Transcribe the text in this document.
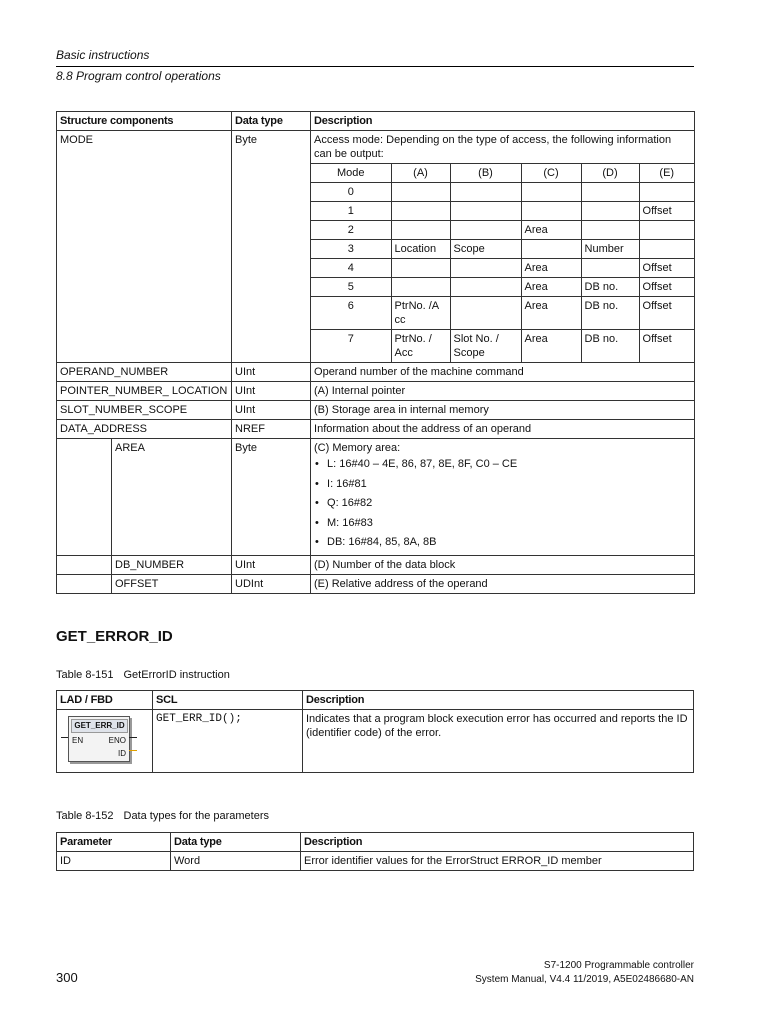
Basic instructions
8.8 Program control operations
Structure components	Data type	Description
MODE	Byte	Access mode: Depending on the type of access, the following information can be output:
Mode	(A)	(B)	(C)	(D)	(E)
0					
1					Offset
2			Area		
3	Location	Scope		Number	
4			Area		Offset
5			Area	DB no.	Offset
6	PtrNo. /A cc		Area	DB no.	Offset
7	PtrNo. / Acc	Slot No. / Scope	Area	DB no.	Offset

OPERAND_NUMBER	UInt	Operand number of the machine command
POINTER_NUMBER_ LOCATION	UInt	(A) Internal pointer
SLOT_NUMBER_SCOPE	UInt	(B) Storage area in internal memory
DATA_ADDRESS	NREF	Information about the address of an operand
	AREA	Byte	(C) Memory area:
• L: 16#40 – 4E, 86, 87, 8E, 8F, C0 – CE
• I: 16#81
• Q: 16#82
• M: 16#83
• DB: 16#84, 85, 8A, 8B

	DB_NUMBER	UInt	(D) Number of the data block
	OFFSET	UDInt	(E) Relative address of the operand
GET_ERROR_ID
Table 8-151 GetErrorID instruction
LAD / FBD	SCL	Description

GET_ERR_ID
EN ENO
ID	GET_ERR_ID();	Indicates that a program block execution error has occurred and reports the ID (identifier code) of the error.
Table 8-152 Data types for the parameters
Parameter	Data type	Description
ID	Word	Error identifier values for the ErrorStruct ERROR_ID member
S7-1200 Programmable controller
System Manual, V4.4 11/2019, A5E02486680-AN
300
